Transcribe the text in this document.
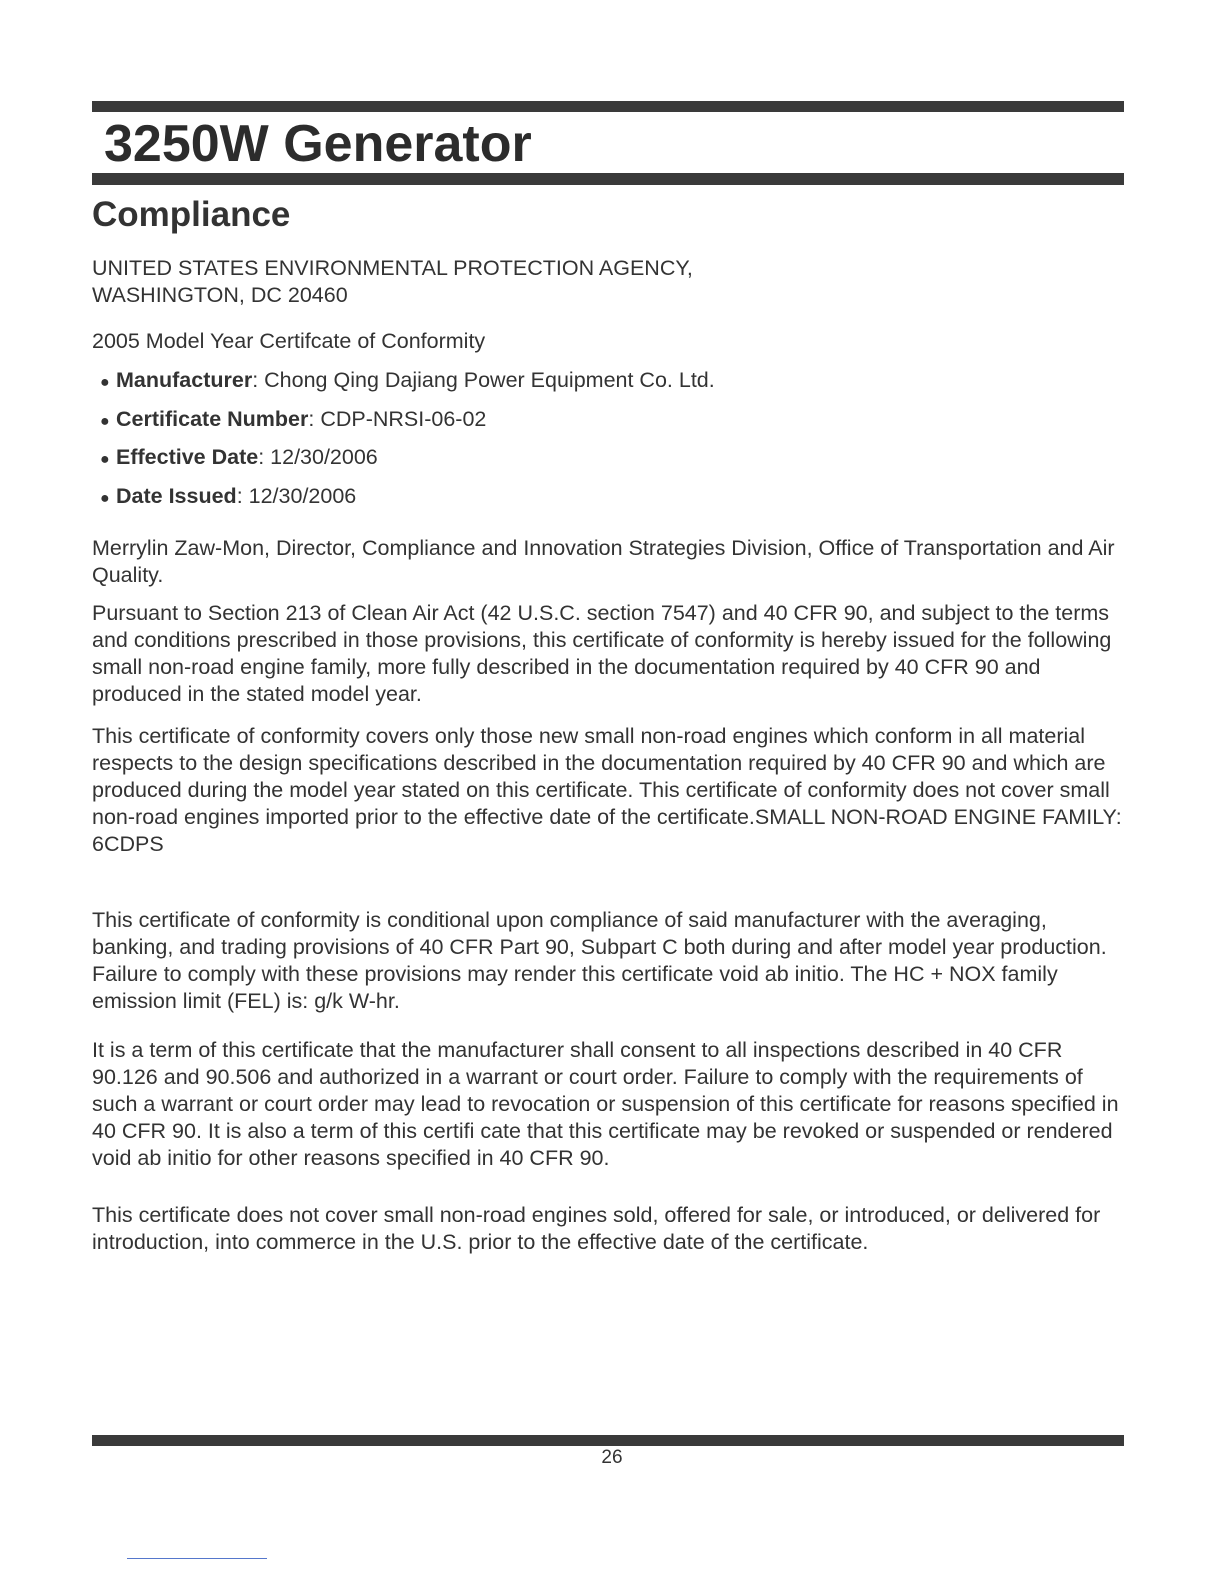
3250W Generator
Compliance

UNITED STATES ENVIRONMENTAL PROTECTION AGENCY,
WASHINGTON, DC 20460

2005 Model Year Certifcate of Conformity

● Manufacturer: Chong Qing Dajiang Power Equipment Co. Ltd.
● Certificate Number: CDP-NRSI-06-02
● Effective Date: 12/30/2006
● Date Issued: 12/30/2006

Merrylin Zaw-Mon, Director, Compliance and Innovation Strategies Division, Office of Transportation and Air Quality.

Pursuant to Section 213 of Clean Air Act (42 U.S.C. section 7547) and 40 CFR 90, and subject to the terms and conditions prescribed in those provisions, this certificate of conformity is hereby issued for the following small non-road engine family, more fully described in the documentation required by 40 CFR 90 and produced in the stated model year.

This certificate of conformity covers only those new small non-road engines which conform in all material respects to the design specifications described in the documentation required by 40 CFR 90 and which are produced during the model year stated on this certificate. This certificate of conformity does not cover small non-road engines imported prior to the effective date of the certificate.SMALL NON-ROAD ENGINE FAMILY: 6CDPS

This certificate of conformity is conditional upon compliance of said manufacturer with the averaging, banking, and trading provisions of 40 CFR Part 90, Subpart C both during and after model year production. Failure to comply with these provisions may render this certificate void ab initio. The HC + NOX family emission limit (FEL) is: g/k W-hr.

It is a term of this certificate that the manufacturer shall consent to all inspections described in 40 CFR 90.126 and 90.506 and authorized in a warrant or court order. Failure to comply with the requirements of such a warrant or court order may lead to revocation or suspension of this certificate for reasons specified in 40 CFR 90. It is also a term of this certifi cate that this certificate may be revoked or suspended or rendered void ab initio for other reasons specified in 40 CFR 90.

This certificate does not cover small non-road engines sold, offered for sale, or introduced, or delivered for introduction, into commerce in the U.S. prior to the effective date of the certificate.

26
